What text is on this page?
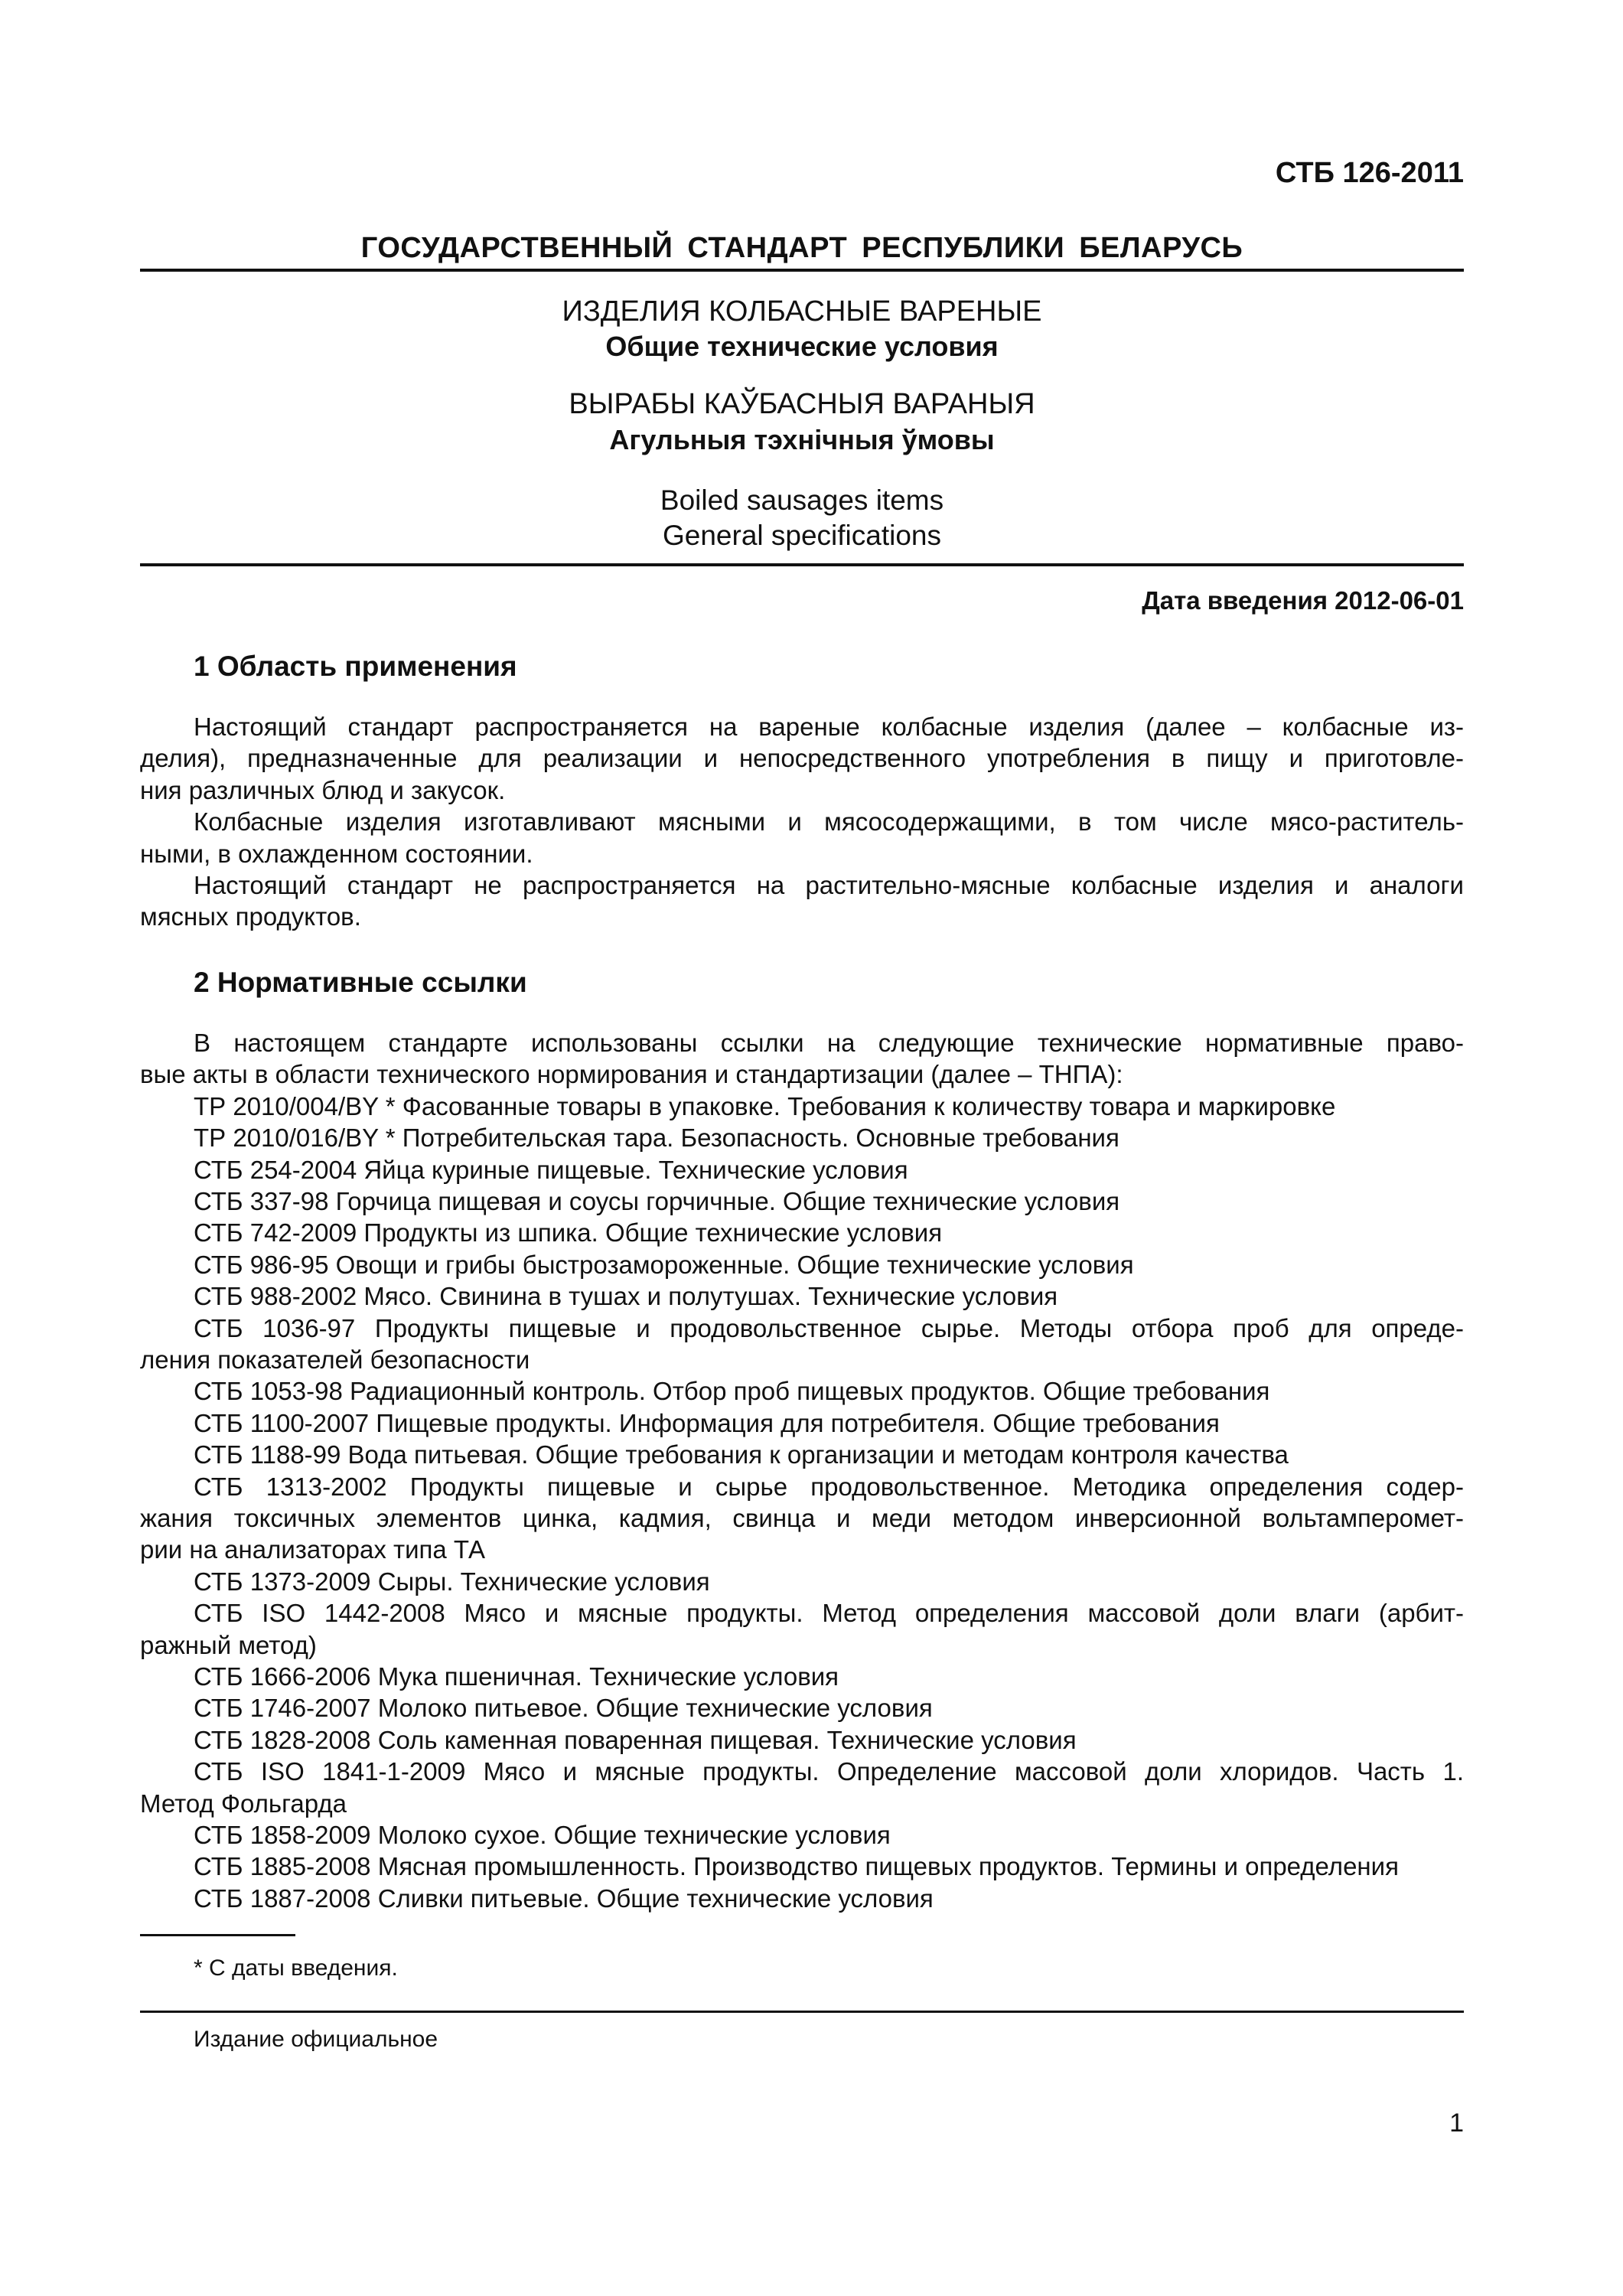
СТБ 126-2011
ГОСУДАРСТВЕННЫЙ СТАНДАРТ РЕСПУБЛИКИ БЕЛАРУСЬ
ИЗДЕЛИЯ КОЛБАСНЫЕ ВАРЕНЫЕ
Общие технические условия
ВЫРАБЫ КАЎБАСНЫЯ ВАРАНЫЯ
Агульныя тэхнічныя ўмовы
Boiled sausages items
General specifications
Дата введения 2012-06-01
1 Область применения
Настоящий стандарт распространяется на вареные колбасные изделия (далее – колбасные из-
делия), предназначенные для реализации и непосредственного употребления в пищу и приготовле-
ния различных блюд и закусок.
Колбасные изделия изготавливают мясными и мясосодержащими, в том числе мясо-раститель-
ными, в охлажденном состоянии.
Настоящий стандарт не распространяется на растительно-мясные колбасные изделия и аналоги
мясных продуктов.
2 Нормативные ссылки
В настоящем стандарте использованы ссылки на следующие технические нормативные право-
вые акты в области технического нормирования и стандартизации (далее – ТНПА):
ТР 2010/004/BY * Фасованные товары в упаковке. Требования к количеству товара и маркировке
ТР 2010/016/BY * Потребительская тара. Безопасность. Основные требования
СТБ 254-2004 Яйца куриные пищевые. Технические условия
СТБ 337-98 Горчица пищевая и соусы горчичные. Общие технические условия
СТБ 742-2009 Продукты из шпика. Общие технические условия
СТБ 986-95 Овощи и грибы быстрозамороженные. Общие технические условия
СТБ 988-2002 Мясо. Свинина в тушах и полутушах. Технические условия
СТБ 1036-97 Продукты пищевые и продовольственное сырье. Методы отбора проб для опреде-
ления показателей безопасности
СТБ 1053-98 Радиационный контроль. Отбор проб пищевых продуктов. Общие требования
СТБ 1100-2007 Пищевые продукты. Информация для потребителя. Общие требования
СТБ 1188-99 Вода питьевая. Общие требования к организации и методам контроля качества
СТБ 1313-2002 Продукты пищевые и сырье продовольственное. Методика определения содер-
жания токсичных элементов цинка, кадмия, свинца и меди методом инверсионной вольтамперомет-
рии на анализаторах типа ТА
СТБ 1373-2009 Сыры. Технические условия
СТБ ISO 1442-2008 Мясо и мясные продукты. Метод определения массовой доли влаги (арбит-
ражный метод)
СТБ 1666-2006 Мука пшеничная. Технические условия
СТБ 1746-2007 Молоко питьевое. Общие технические условия
СТБ 1828-2008 Соль каменная поваренная пищевая. Технические условия
СТБ ISO 1841-1-2009 Мясо и мясные продукты. Определение массовой доли хлоридов. Часть 1.
Метод Фольгарда
СТБ 1858-2009 Молоко сухое. Общие технические условия
СТБ 1885-2008 Мясная промышленность. Производство пищевых продуктов. Термины и определения
СТБ 1887-2008 Сливки питьевые. Общие технические условия
* С даты введения.
Издание официальное
1
